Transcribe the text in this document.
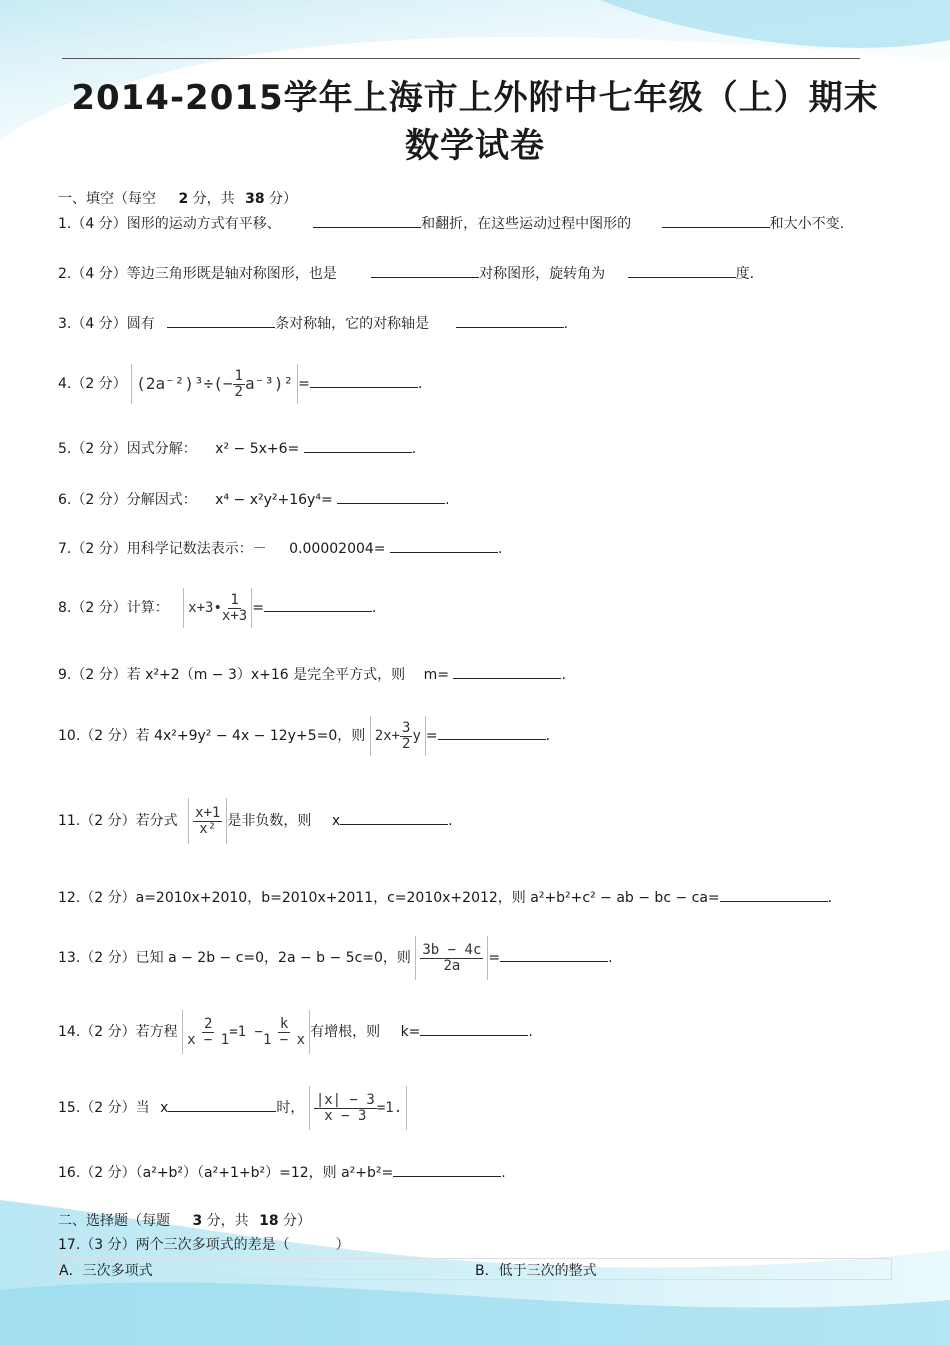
2014-2015学年上海市上外附中七年级（上）期末
数学试卷
一、填空（每空 2 分，共 38 分）
1.（4 分）图形的运动方式有平移、	和翻折，在这些运动过程中图形的	和大小不变.
2.（4 分）等边三角形既是轴对称图形，也是	对称图形，旋转角为	度.
3.（4 分）圆有	条对称轴，它的对称轴是	.
4.（2 分） $(2a^{-2})^3\div(- \frac{1}{2} a^{-3})^2$ =	.
5.（2 分）因式分解： x² − 5x+6=	.
6.（2 分）分解因式： x⁴ − x²y²+16y⁴=	.
7.（2 分）用科学记数法表示：－ 0.00002004=	.
8.（2 分）计算： x+3• $\frac{1}{x+3}$ =	.
9.（2 分）若 x²+2（m − 3）x+16 是完全平方式，则 m=	.
10.（2 分）若 4x²+9y² − 4x − 12y+5=0，则 $2x+ \frac{3}{2}$ y =	.
11.（2 分）若分式 $\frac{x+1}{\text{x²}}$ 是非负数，则 x	.
12.（2 分）a=2010x+2010，b=2010x+2011，c=2010x+2012，则 a²+b²+c² − ab − bc − ca=	.
13.（2 分）已知 a − 2b − c=0，2a − b − 5c=0，则 $\frac{3b - 4c}{2a}$ =	.
14.（2 分）若方程 $\frac{2}{x - 1} =1 - \frac{k}{1 - x}$ 有增根，则 k=	.
15.（2 分）当 x	时， $\frac{|x| - 3}{x - 3} =1$.
16.（2 分）（a²+b²）（a²+1+b²）=12，则 a²+b²=	.
二、选择题（每题 3 分，共 18 分）
17.（3 分）两个三次多项式的差是（	）
A．三次多项式	B．低于三次的整式
